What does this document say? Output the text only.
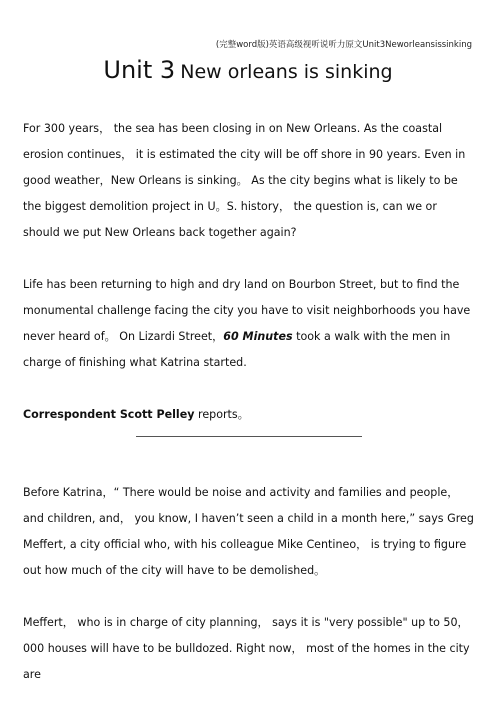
(完整word版)英语高级视听说听力原文Unit3Neworleansissinking
Unit 3 New orleans is sinking

For 300 years， the sea has been closing in on New Orleans. As the coastal erosion continues， it is estimated the city will be off shore in 90 years. Even in good weather，New Orleans is sinking。 As the city begins what is likely to be the biggest demolition project in U。S. history， the question is, can we or should we put New Orleans back together again?

Life has been returning to high and dry land on Bourbon Street, but to find the monumental challenge facing the city you have to visit neighborhoods you have never heard of。 On Lizardi Street，60 Minutes took a walk with the men in charge of finishing what Katrina started.

Correspondent Scott Pelley reports。

Before Katrina，“ There would be noise and activity and families and people， and children, and， you know, I haven’t seen a child in a month here,” says Greg Meffert, a city official who, with his colleague Mike Centineo， is trying to figure out how much of the city will have to be demolished。

Meffert， who is in charge of city planning， says it is "very possible" up to 50，000 houses will have to be bulldozed. Right now， most of the homes in the city are
